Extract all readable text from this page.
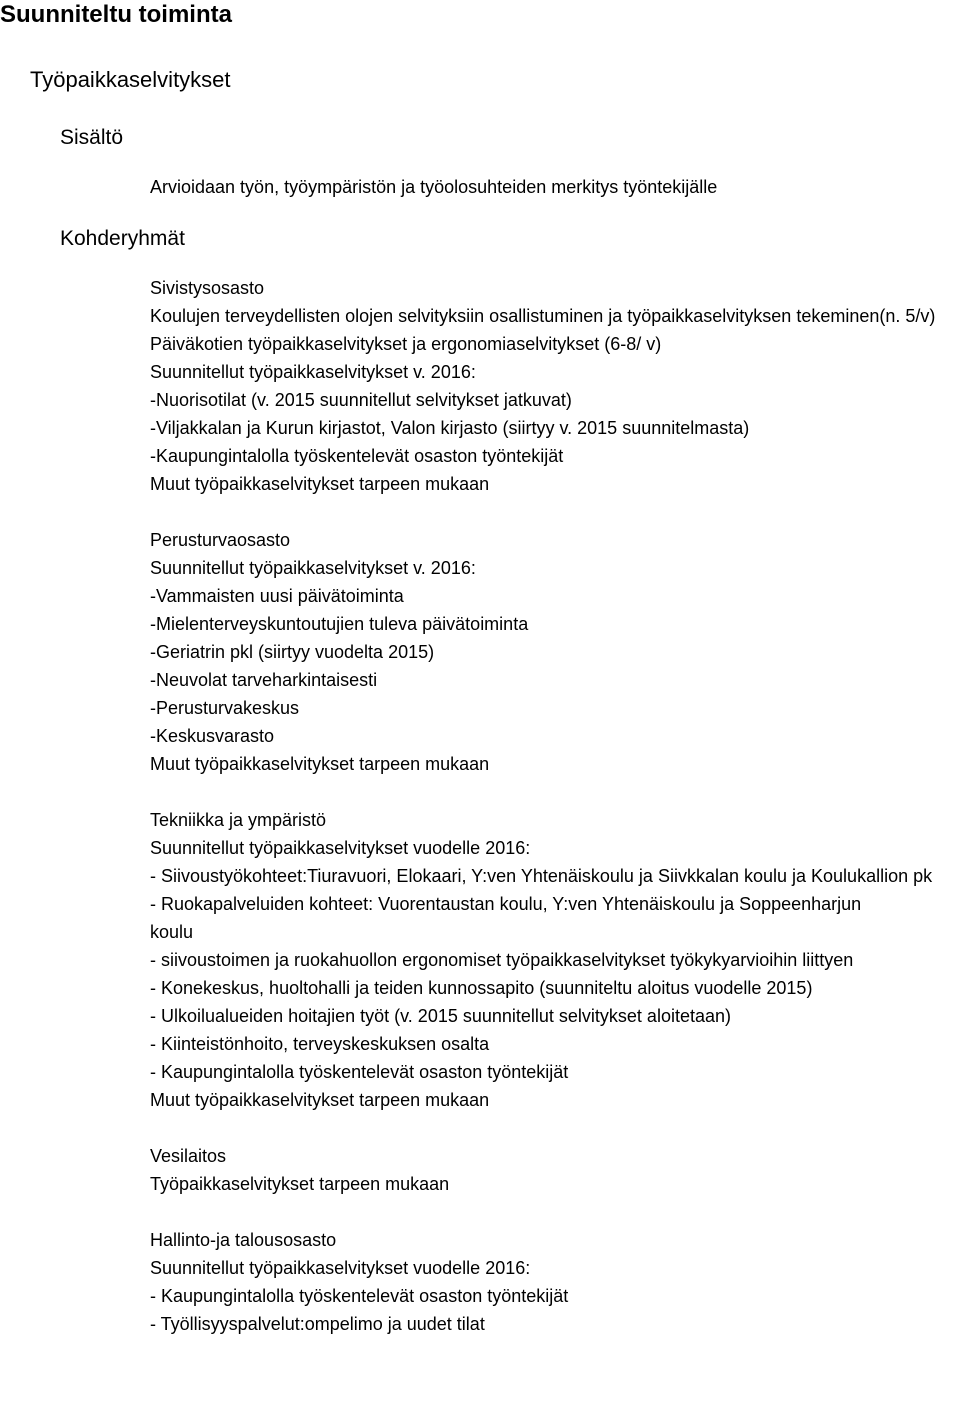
Suunniteltu toiminta
Työpaikkaselvitykset
Sisältö
Arvioidaan työn, työympäristön ja työolosuhteiden merkitys työntekijälle
Kohderyhmät
Sivistysosasto
Koulujen terveydellisten olojen selvityksiin osallistuminen ja työpaikkaselvityksen tekeminen(n. 5/v)
Päiväkotien työpaikkaselvitykset ja ergonomiaselvitykset (6-8/ v)
Suunnitellut työpaikkaselvitykset v. 2016:
-Nuorisotilat (v. 2015 suunnitellut selvitykset jatkuvat)
-Viljakkalan ja Kurun kirjastot, Valon kirjasto (siirtyy v. 2015 suunnitelmasta)
-Kaupungintalolla työskentelevät osaston työntekijät
Muut työpaikkaselvitykset tarpeen mukaan
Perusturvaosasto
Suunnitellut työpaikkaselvitykset v. 2016:
-Vammaisten uusi päivätoiminta
-Mielenterveyskuntoutujien tuleva päivätoiminta
-Geriatrin pkl (siirtyy vuodelta 2015)
-Neuvolat tarveharkintaisesti
-Perusturvakeskus
-Keskusvarasto
Muut työpaikkaselvitykset tarpeen mukaan
Tekniikka ja ympäristö
Suunnitellut työpaikkaselvitykset vuodelle 2016:
- Siivoustyökohteet:Tiuravuori, Elokaari, Y:ven Yhtenäiskoulu ja Siivkkalan koulu ja Koulukallion pk
- Ruokapalveluiden kohteet: Vuorentaustan koulu, Y:ven Yhtenäiskoulu ja Soppeenharjun koulu
- siivoustoimen ja ruokahuollon ergonomiset työpaikkaselvitykset työkykyarvioihin liittyen
- Konekeskus, huoltohalli ja teiden kunnossapito (suunniteltu aloitus vuodelle 2015)
- Ulkoilualueiden hoitajien työt (v. 2015 suunnitellut selvitykset aloitetaan)
- Kiinteistönhoito, terveyskeskuksen osalta
- Kaupungintalolla työskentelevät osaston työntekijät
Muut työpaikkaselvitykset tarpeen mukaan
Vesilaitos
Työpaikkaselvitykset tarpeen mukaan
Hallinto-ja talousosasto
Suunnitellut työpaikkaselvitykset vuodelle 2016:
- Kaupungintalolla työskentelevät osaston työntekijät
- Työllisyyspalvelut:ompelimo ja uudet tilat
